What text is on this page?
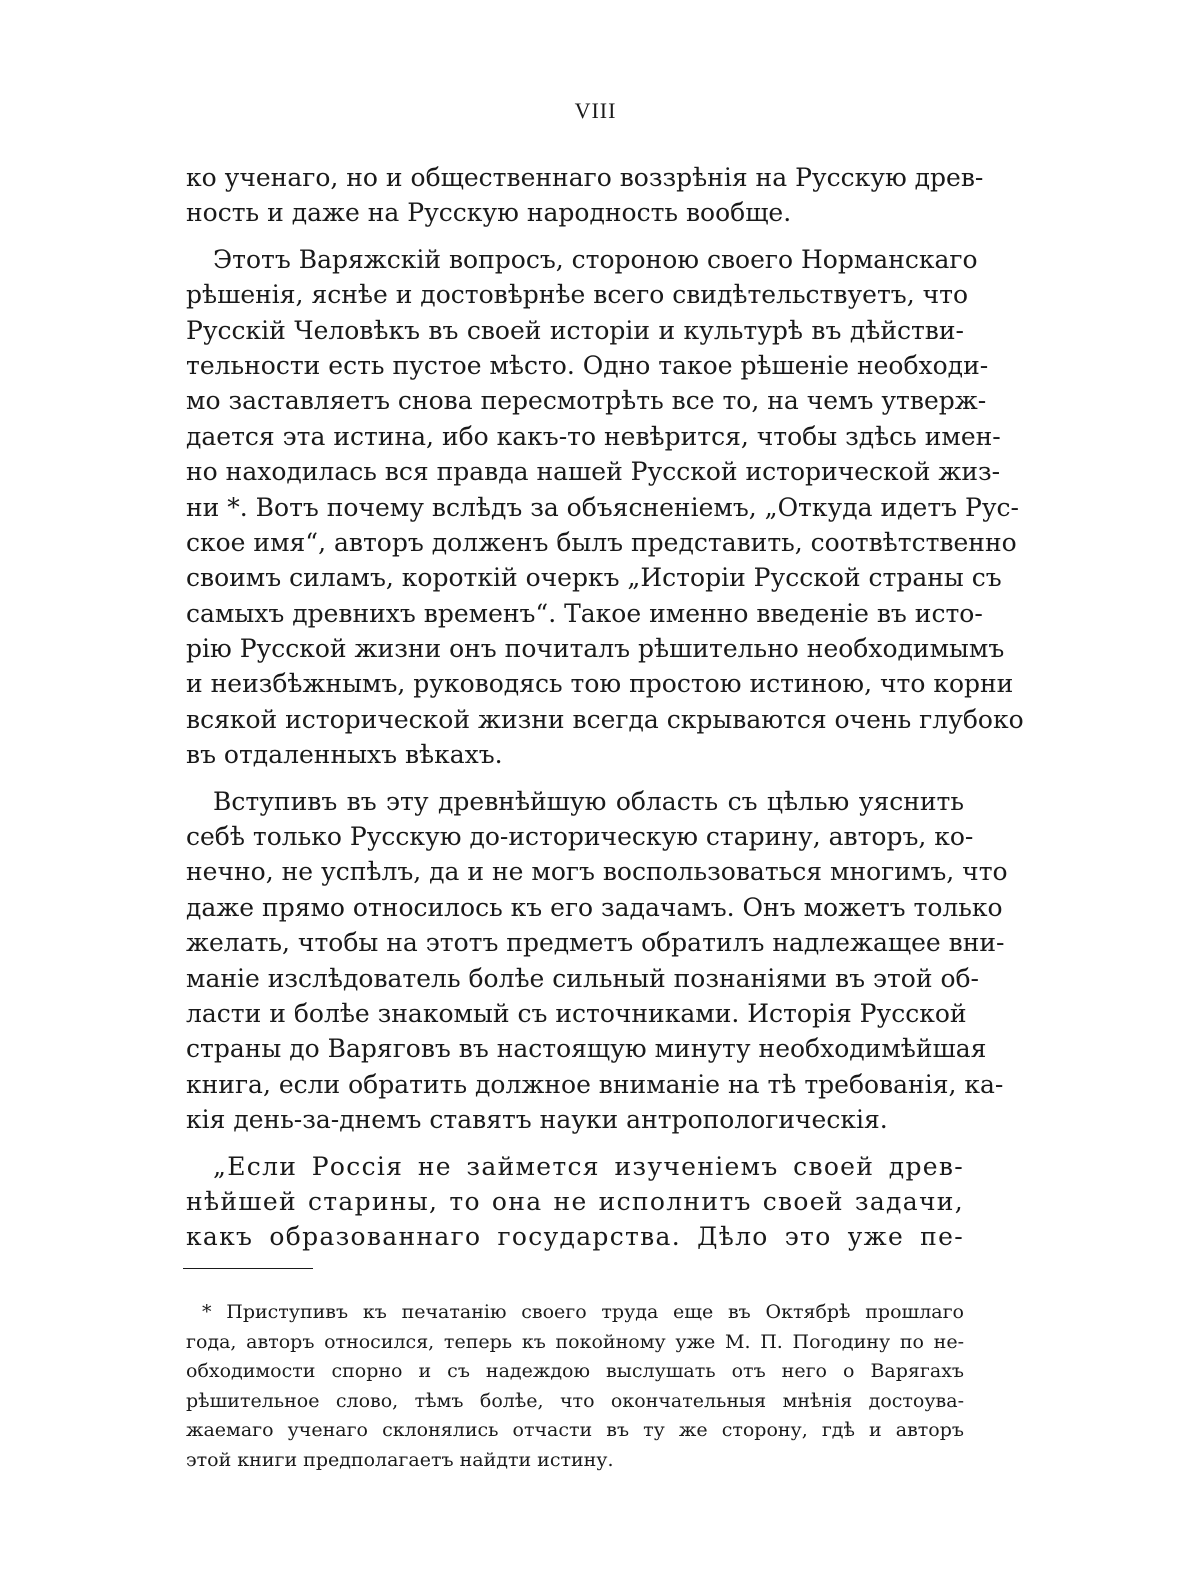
VIII
ко ученаго, но и общественнаго воззрѣнія на Русскую древ-
ность и даже на Русскую народность вообще.
Этотъ Варяжскій вопросъ, стороною своего Норманскаго
рѣшенія, яснѣе и достовѣрнѣе всего свидѣтельствуетъ, что
Русскій Человѣкъ въ своей исторіи и культурѣ въ дѣйстви-
тельности есть пустое мѣсто. Одно такое рѣшеніе необходи-
мо заставляетъ снова пересмотрѣть все то, на чемъ утверж-
дается эта истина, ибо какъ-то невѣрится, чтобы здѣсь имен-
но находилась вся правда нашей Русской исторической жиз-
ни *. Вотъ почему вслѣдъ за объясненіемъ, „Откуда идетъ Рус-
ское имя“, авторъ долженъ былъ представить, соотвѣтственно
своимъ силамъ, короткій очеркъ „Исторіи Русской страны съ
самыхъ древнихъ временъ“. Такое именно введеніе въ исто-
рію Русской жизни онъ почиталъ рѣшительно необходимымъ
и неизбѣжнымъ, руководясь тою простою истиною, что корни
всякой исторической жизни всегда скрываются очень глубоко
въ отдаленныхъ вѣкахъ.
Вступивъ въ эту древнѣйшую область съ цѣлью уяснить
себѣ только Русскую до-историческую старину, авторъ, ко-
нечно, не успѣлъ, да и не могъ воспользоваться многимъ, что
даже прямо относилось къ его задачамъ. Онъ можетъ только
желать, чтобы на этотъ предметъ обратилъ надлежащее вни-
маніе изслѣдователь болѣе сильный познаніями въ этой об-
ласти и болѣе знакомый съ источниками. Исторія Русской
страны до Варяговъ въ настоящую минуту необходимѣйшая
книга, если обратить должное вниманіе на тѣ требованія, ка-
кія день-за-днемъ ставятъ науки антропологическія.
„Если Россія не займется изученіемъ своей древ-
нѣйшей старины, то она не исполнитъ своей задачи,
какъ образованнаго государства. Дѣло это уже пе-
* Приступивъ къ печатанію своего труда еще въ Октябрѣ прошлаго
года, авторъ относился, теперь къ покойному уже М. П. Погодину по не-
обходимости спорно и съ надеждою выслушать отъ него о Варягахъ
рѣшительное слово, тѣмъ болѣе, что окончательныя мнѣнія достоува-
жаемаго ученаго склонялись отчасти въ ту же сторону, гдѣ и авторъ
этой книги предполагаетъ найдти истину.
